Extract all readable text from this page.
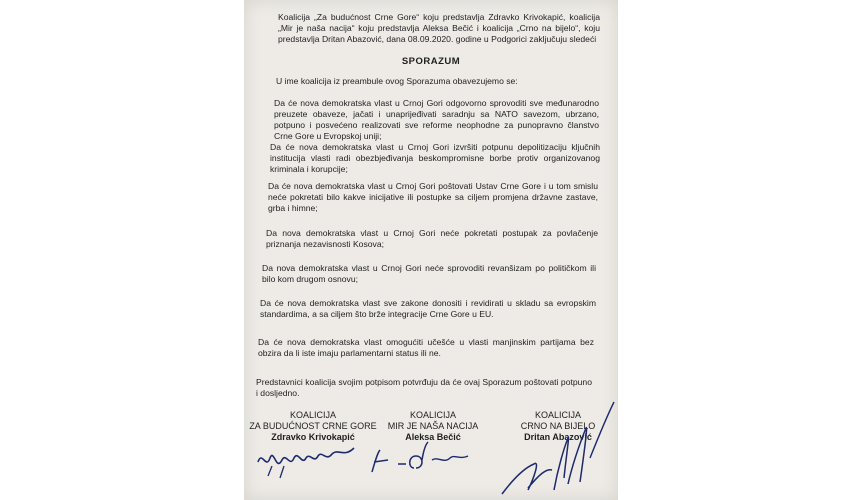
Koalicija „Za budućnost Crne Gore“ koju predstavlja Zdravko Krivokapić, koalicija „Mir je naša nacija“ koju predstavlja Aleksa Bečić i koalicija „Crno na bijelo“, koju predstavlja Dritan Abazović, dana 08.09.2020. godine u Podgorici zaključuju sledeći
SPORAZUM
U ime koalicija iz preambule ovog Sporazuma obavezujemo se:
Da će nova demokratska vlast u Crnoj Gori odgovorno sprovoditi sve međunarodno preuzete obaveze, jačati i unaprijeđivati saradnju sa NATO savezom, ubrzano, potpuno i posvećeno realizovati sve reforme neophodne za punopravno članstvo Crne Gore u Evropskoj uniji;
Da će nova demokratska vlast u Crnoj Gori izvršiti potpunu depolitizaciju ključnih institucija vlasti radi obezbjeđivanja beskompromisne borbe protiv organizovanog kriminala i korupcije;
Da će nova demokratska vlast u Crnoj Gori poštovati Ustav Crne Gore i u tom smislu neće pokretati bilo kakve inicijative ili postupke sa ciljem promjena državne zastave, grba i himne;
Da nova demokratska vlast u Crnoj Gori neće pokretati postupak za povlačenje priznanja nezavisnosti Kosova;
Da nova demokratska vlast u Crnoj Gori neće sprovoditi revanšizam po političkom ili bilo kom drugom osnovu;
Da će nova demokratska vlast sve zakone donositi i revidirati u skladu sa evropskim standardima, a sa ciljem što brže integracije Crne Gore u EU.
Da će nova demokratska vlast omogućiti učešće u vlasti manjinskim partijama bez obzira da li iste imaju parlamentarni status ili ne.
Predstavnici koalicija svojim potpisom potvrđuju da će ovaj Sporazum poštovati potpuno i dosljedno.
KOALICIJA
ZA BUDUĆNOST CRNE GORE
Zdravko Krivokapić
KOALICIJA
MIR JE NAŠA NACIJA
Aleksa Bečić
KOALICIJA
CRNO NA BIJELO
Dritan Abazović
